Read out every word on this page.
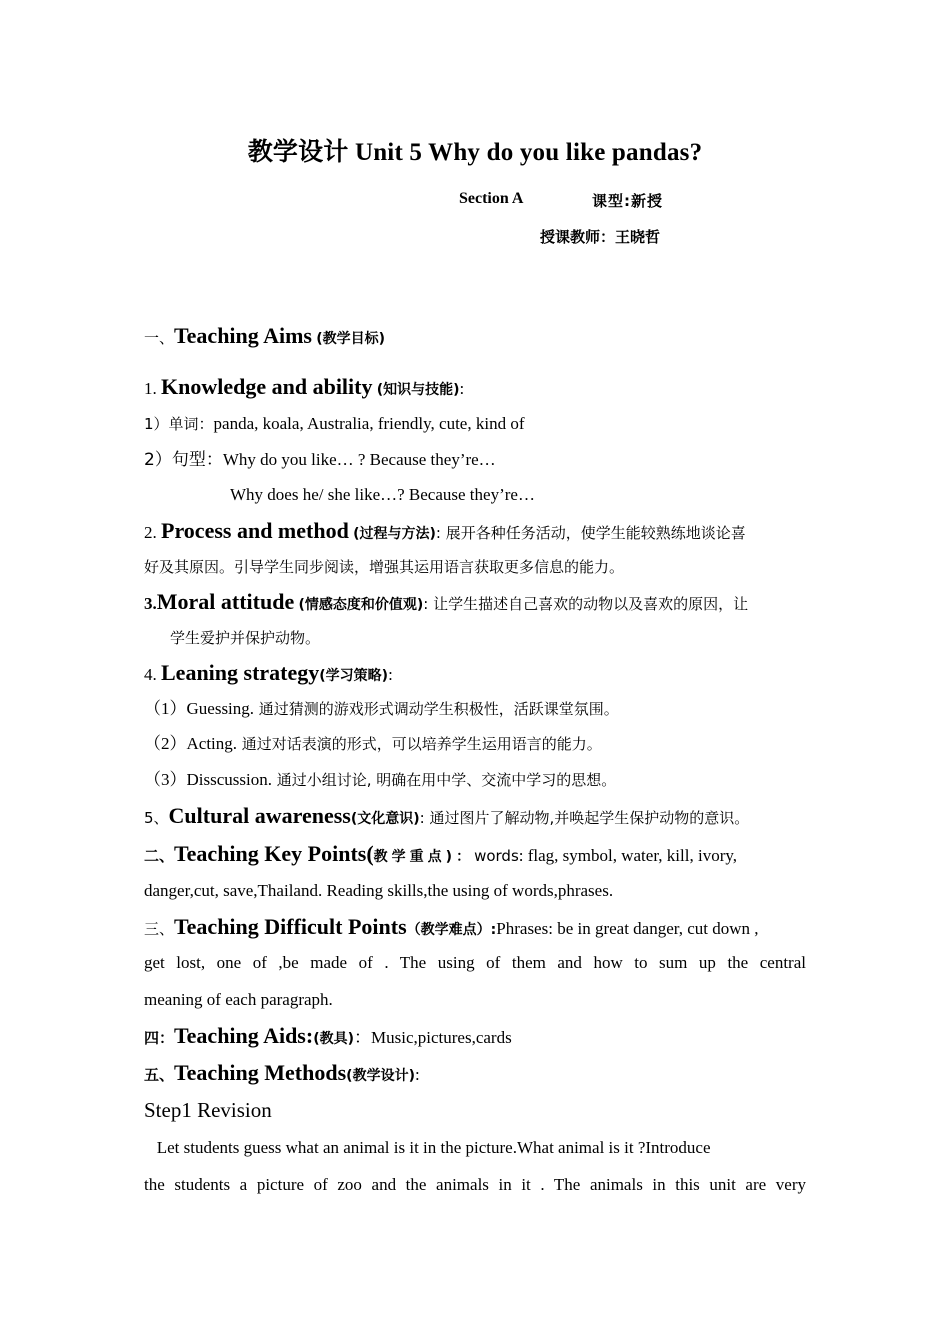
教学设计 Unit 5 Why do you like pandas?
Section A	课型:新授
授课教师：王晓哲
一、Teaching Aims (教学目标)
1. Knowledge and ability (知识与技能):
1）单词：panda, koala, Australia, friendly, cute, kind of
2）句型：Why do you like… ? Because they’re…
Why does he/ she like…? Because they’re…
2. Process and method (过程与方法): 展开各种任务活动，使学生能较熟练地谈论喜
好及其原因。引导学生同步阅读，增强其运用语言获取更多信息的能力。
3.Moral attitude (情感态度和价值观): 让学生描述自己喜欢的动物以及喜欢的原因，让
学生爱护并保护动物。
4. Leaning strategy(学习策略):
（1）Guessing. 通过猜测的游戏形式调动学生积极性，活跃课堂氛围。
（2）Acting. 通过对话表演的形式，可以培养学生运用语言的能力。
（3）Disscussion. 通过小组讨论, 明确在用中学、交流中学习的思想。
5、Cultural awareness(文化意识): 通过图片了解动物,并唤起学生保护动物的意识。
二、Teaching Key Points(教学重点)：words: flag, symbol, water, kill, ivory,
danger,cut, save,Thailand. Reading skills,the using of words,phrases.
三、Teaching Difficult Points（教学难点）:Phrases: be in great danger, cut down ,
get lost, one of ,be made of . The using of them and how to sum up the central
meaning of each paragraph.
四：Teaching Aids:(教具)：Music,pictures,cards
五、Teaching Methods(教学设计):
Step1 Revision
Let students guess what an animal is it in the picture.What animal is it ?Introduce
the students a picture of zoo and the animals in it . The animals in this unit are very
